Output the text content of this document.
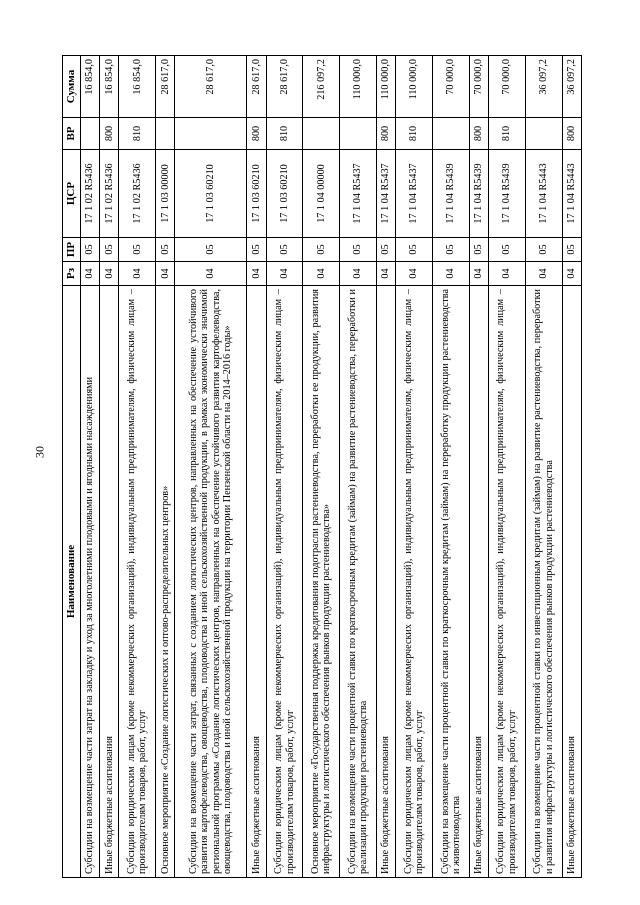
30
Наименование	Рз	ПР	ЦСР	ВР	Сумма
Субсидии на возмещение части затрат на закладку и уход за многолетними плодовыми и ягодными насаждениями	04	05	17 1 02 R5436		16 854,0
Иные бюджетные ассигнования	04	05	17 1 02 R5436	800	16 854,0
Субсидии юридическим лицам (кроме некоммерческих организаций), индивидуальным предпринимателям, физическим лицам – производителям товаров, работ, услуг	04	05	17 1 02 R5436	810	16 854,0
Основное мероприятие «Создание логистических и оптово-распределительных центров»	04	05	17 1 03 00000		28 617,0
Субсидии на возмещение части затрат, связанных с созданием логистических центров, направленных на обеспечение устойчивого развития картофелеводства, овощеводства, плодоводства и иной сельскохозяйственной продукции, в рамках экономически значимой региональной программы «Создание логистических центров, направленных на обеспечение устойчивого развития картофелеводства, овощеводства, плодоводства и иной сельскохозяйственной продукции на территории Пензенской области на 2014–2016 годы»	04	05	17 1 03 60210		28 617,0
Иные бюджетные ассигнования	04	05	17 1 03 60210	800	28 617,0
Субсидии юридическим лицам (кроме некоммерческих организаций), индивидуальным предпринимателям, физическим лицам – производителям товаров, работ, услуг	04	05	17 1 03 60210	810	28 617,0
Основное мероприятие «Государственная поддержка кредитования подотрасли растениеводства, переработки ее продукции, развития инфраструктуры и логистического обеспечения рынков продукции растениеводства»	04	05	17 1 04 00000		216 097,2
Субсидии на возмещение части процентной ставки по краткосрочным кредитам (займам) на развитие растениеводства, переработки и реализации продукции растениеводства	04	05	17 1 04 R5437		110 000,0
Иные бюджетные ассигнования	04	05	17 1 04 R5437	800	110 000,0
Субсидии юридическим лицам (кроме некоммерческих организаций), индивидуальным предпринимателям, физическим лицам – производителям товаров, работ, услуг	04	05	17 1 04 R5437	810	110 000,0
Субсидии на возмещение части процентной ставки по краткосрочным кредитам (займам) на переработку продукции растениеводства и животноводства	04	05	17 1 04 R5439		70 000,0
Иные бюджетные ассигнования	04	05	17 1 04 R5439	800	70 000,0
Субсидии юридическим лицам (кроме некоммерческих организаций), индивидуальным предпринимателям, физическим лицам – производителям товаров, работ, услуг	04	05	17 1 04 R5439	810	70 000,0
Субсидии на возмещение части процентной ставки по инвестиционным кредитам (займам) на развитие растениеводства, переработки и развития инфраструктуры и логистического обеспечения рынков продукции растениеводства	04	05	17 1 04 R5443		36 097,2
Иные бюджетные ассигнования	04	05	17 1 04 R5443	800	36 097,2
